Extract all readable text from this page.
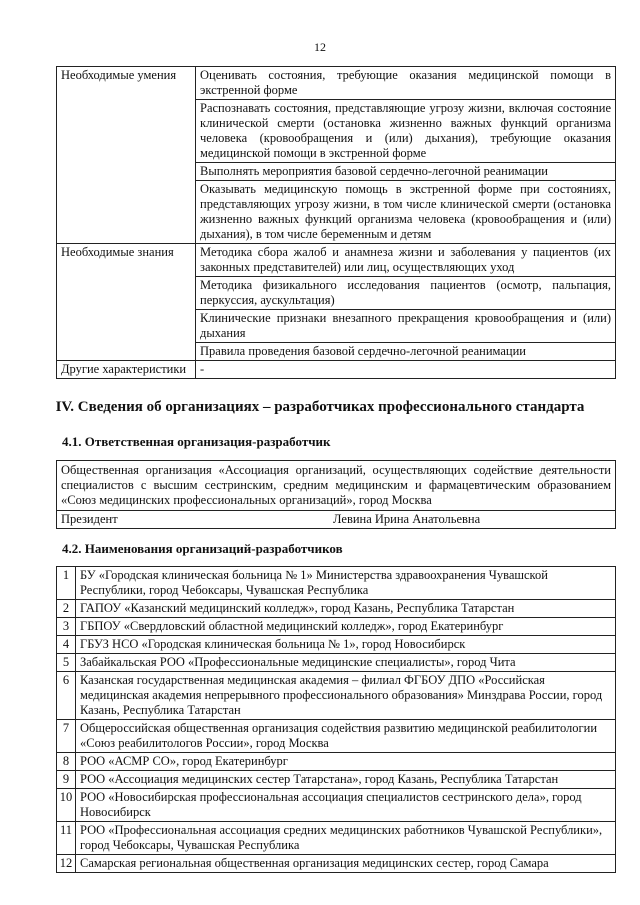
12
Необходимые умения	Оценивать состояния, требующие оказания медицинской помощи в экстренной форме
	Распознавать состояния, представляющие угрозу жизни, включая состояние клинической смерти (остановка жизненно важных функций организма человека (кровообращения и (или) дыхания), требующие оказания медицинской помощи в экстренной форме
	Выполнять мероприятия базовой сердечно-легочной реанимации
	Оказывать медицинскую помощь в экстренной форме при состояниях, представляющих угрозу жизни, в том числе клинической смерти (остановка жизненно важных функций организма человека (кровообращения и (или) дыхания), в том числе беременным и детям
Необходимые знания	Методика сбора жалоб и анамнеза жизни и заболевания у пациентов (их законных представителей) или лиц, осуществляющих уход
	Методика физикального исследования пациентов (осмотр, пальпация, перкуссия, аускультация)
	Клинические признаки внезапного прекращения кровообращения и (или) дыхания
	Правила проведения базовой сердечно-легочной реанимации
Другие характеристики	-
IV. Сведения об организациях – разработчиках профессионального стандарта
4.1. Ответственная организация-разработчик
Общественная организация «Ассоциация организаций, осуществляющих содействие деятельности специалистов с высшим сестринским, средним медицинским и фармацевтическим образованием «Союз медицинских профессиональных организаций», город Москва

Президент	Левина Ирина Анатольевна
4.2. Наименования организаций-разработчиков
1	БУ «Городская клиническая больница № 1» Министерства здравоохранения Чувашской Республики, город Чебоксары, Чувашская Республика
2	ГАПОУ «Казанский медицинский колледж», город Казань, Республика Татарстан
3	ГБПОУ «Свердловский областной медицинский колледж», город Екатеринбург
4	ГБУЗ НСО «Городская клиническая больница № 1», город Новосибирск
5	Забайкальская РОО «Профессиональные медицинские специалисты», город Чита
6	Казанская государственная медицинская академия – филиал ФГБОУ ДПО «Российская медицинская академия непрерывного профессионального образования» Минздрава России, город Казань, Республика Татарстан
7	Общероссийская общественная организация содействия развитию медицинской реабилитологии «Союз реабилитологов России», город Москва
8	РОО «АСМР СО», город Екатеринбург
9	РОО «Ассоциация медицинских сестер Татарстана», город Казань, Республика Татарстан
10	РОО «Новосибирская профессиональная ассоциация специалистов сестринского дела», город Новосибирск
11	РОО «Профессиональная ассоциация средних медицинских работников Чувашской Республики», город Чебоксары, Чувашская Республика
12	Самарская региональная общественная организация медицинских сестер, город Самара
